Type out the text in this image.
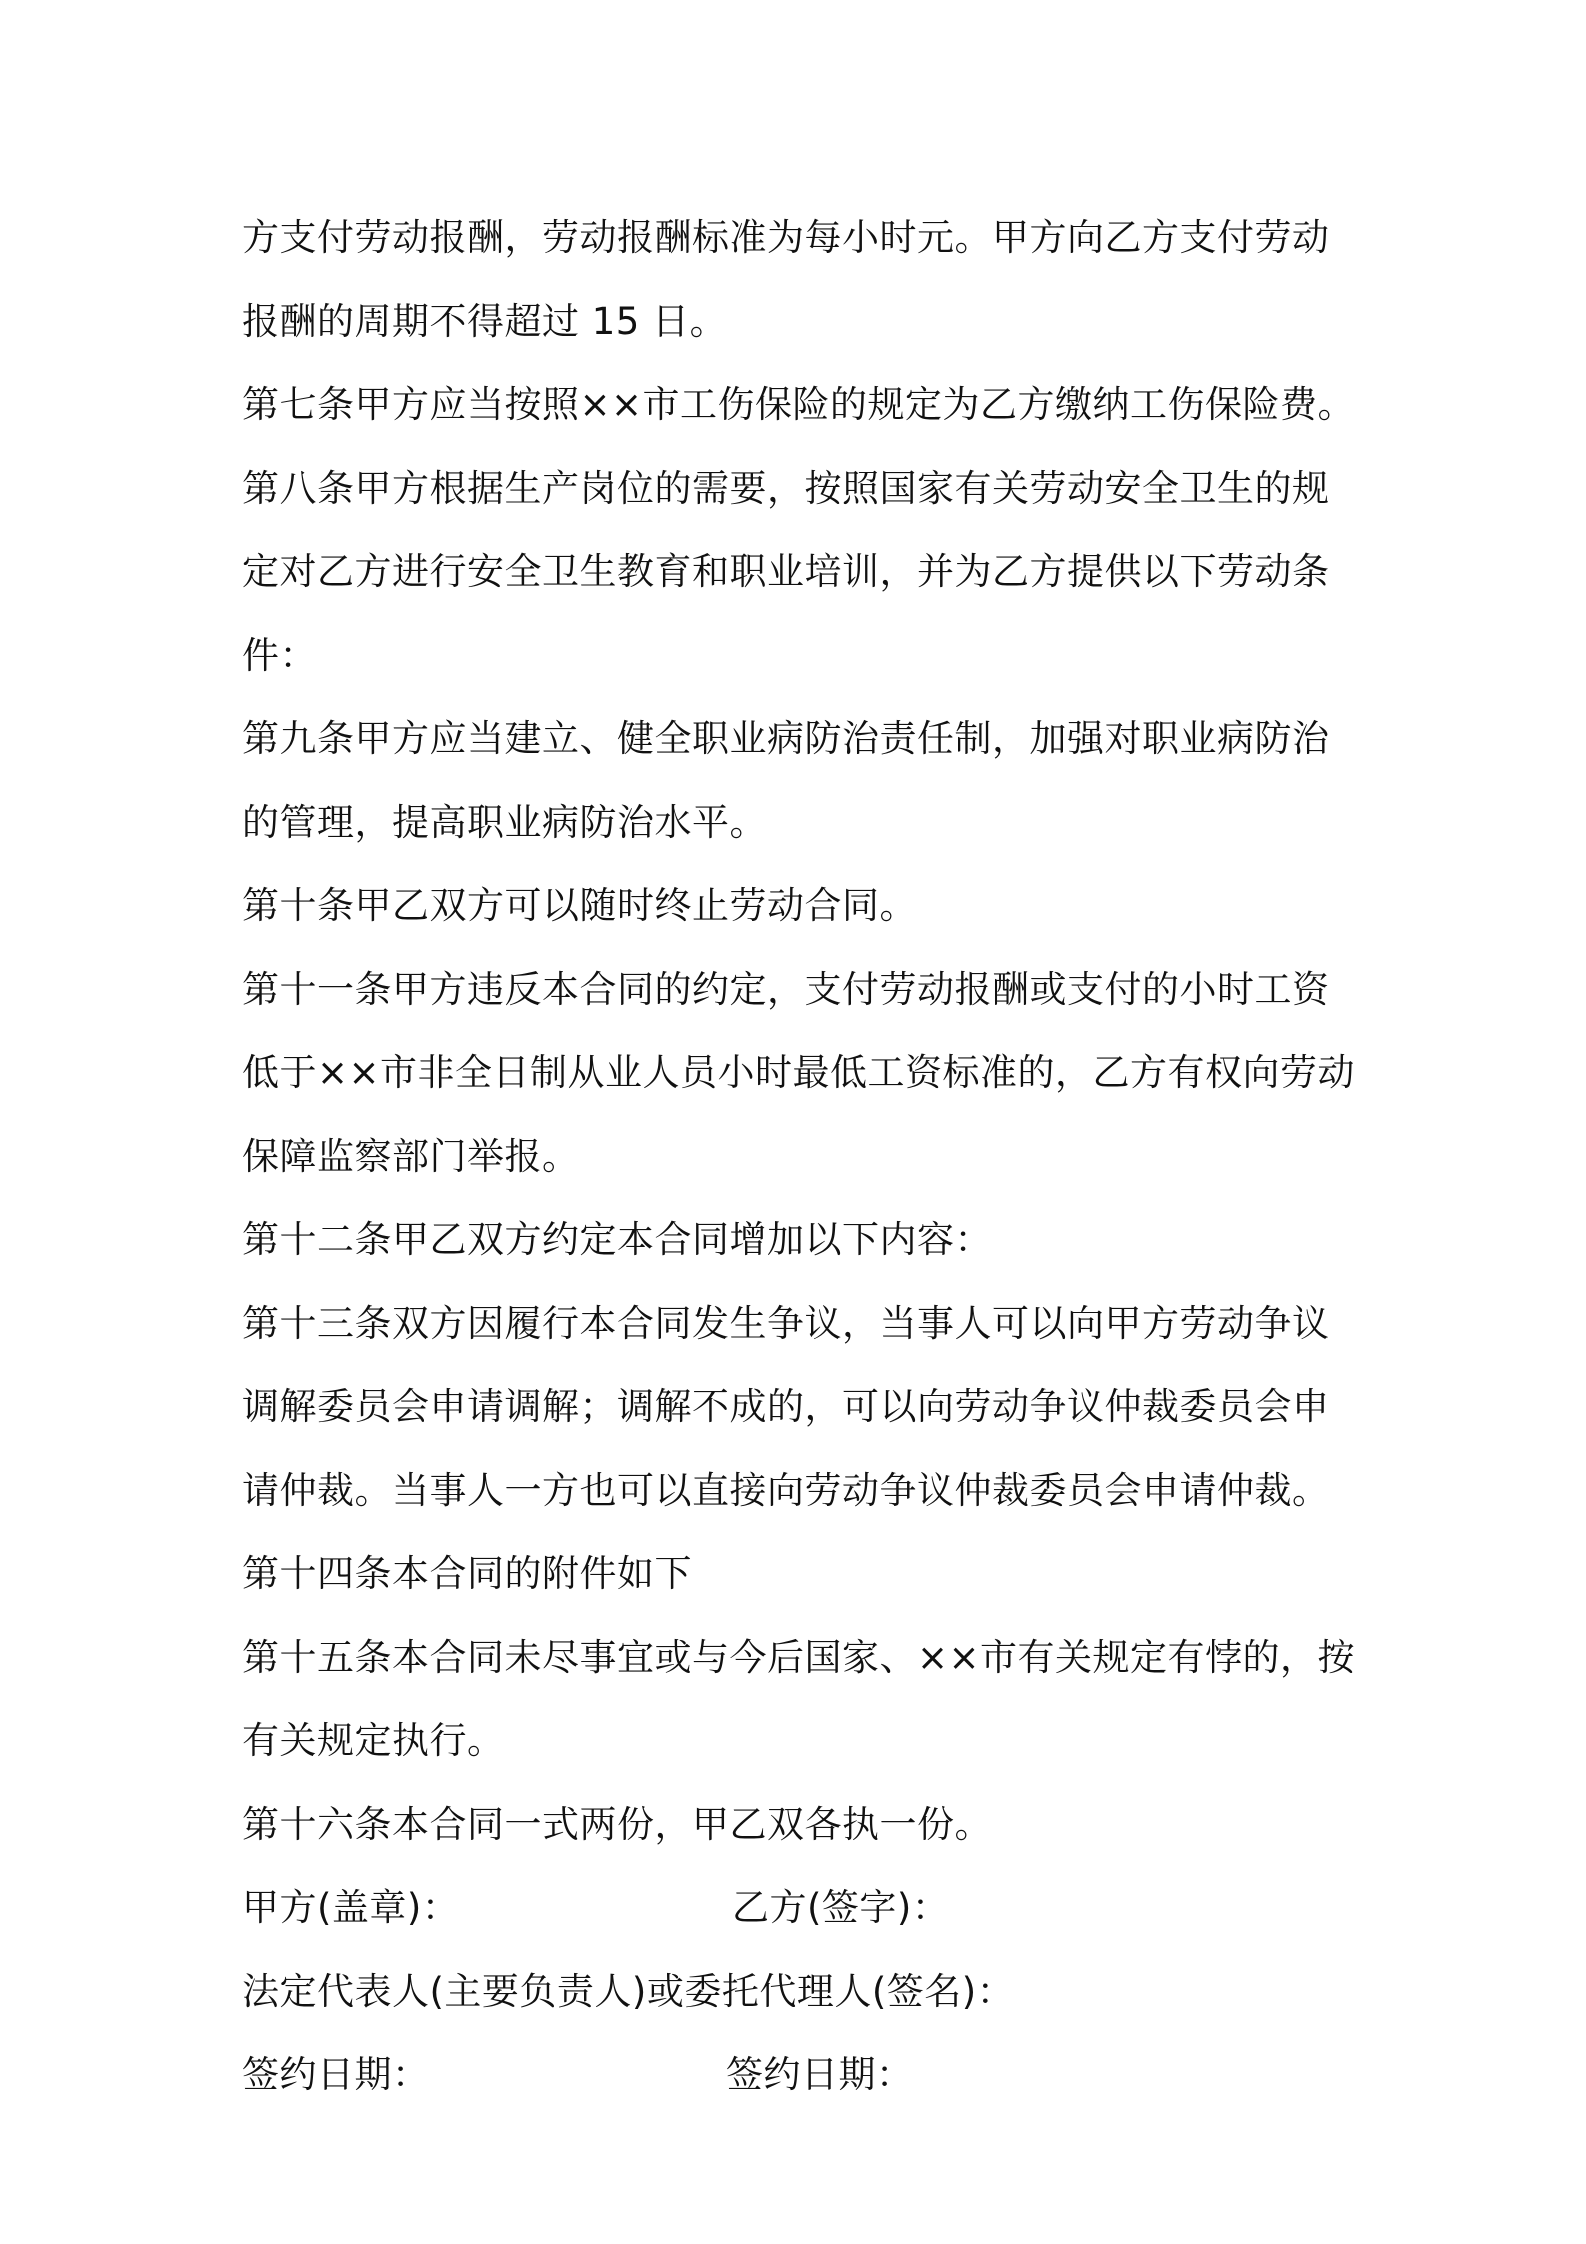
方支付劳动报酬，劳动报酬标准为每小时元。甲方向乙方支付劳动报酬的周期不得超过 15 日。

第七条甲方应当按照××市工伤保险的规定为乙方缴纳工伤保险费。

第八条甲方根据生产岗位的需要，按照国家有关劳动安全卫生的规定对乙方进行安全卫生教育和职业培训，并为乙方提供以下劳动条件：

第九条甲方应当建立、健全职业病防治责任制，加强对职业病防治的管理，提高职业病防治水平。

第十条甲乙双方可以随时终止劳动合同。

第十一条甲方违反本合同的约定，支付劳动报酬或支付的小时工资低于××市非全日制从业人员小时最低工资标准的，乙方有权向劳动保障监察部门举报。

第十二条甲乙双方约定本合同增加以下内容：

第十三条双方因履行本合同发生争议，当事人可以向甲方劳动争议调解委员会申请调解；调解不成的，可以向劳动争议仲裁委员会申请仲裁。当事人一方也可以直接向劳动争议仲裁委员会申请仲裁。

第十四条本合同的附件如下

第十五条本合同未尽事宜或与今后国家、××市有关规定有悖的，按有关规定执行。

第十六条本合同一式两份，甲乙双各执一份。

甲方(盖章)：	乙方(签字)：
法定代表人(主要负责人)或委托代理人(签名)：
签约日期：	签约日期：
